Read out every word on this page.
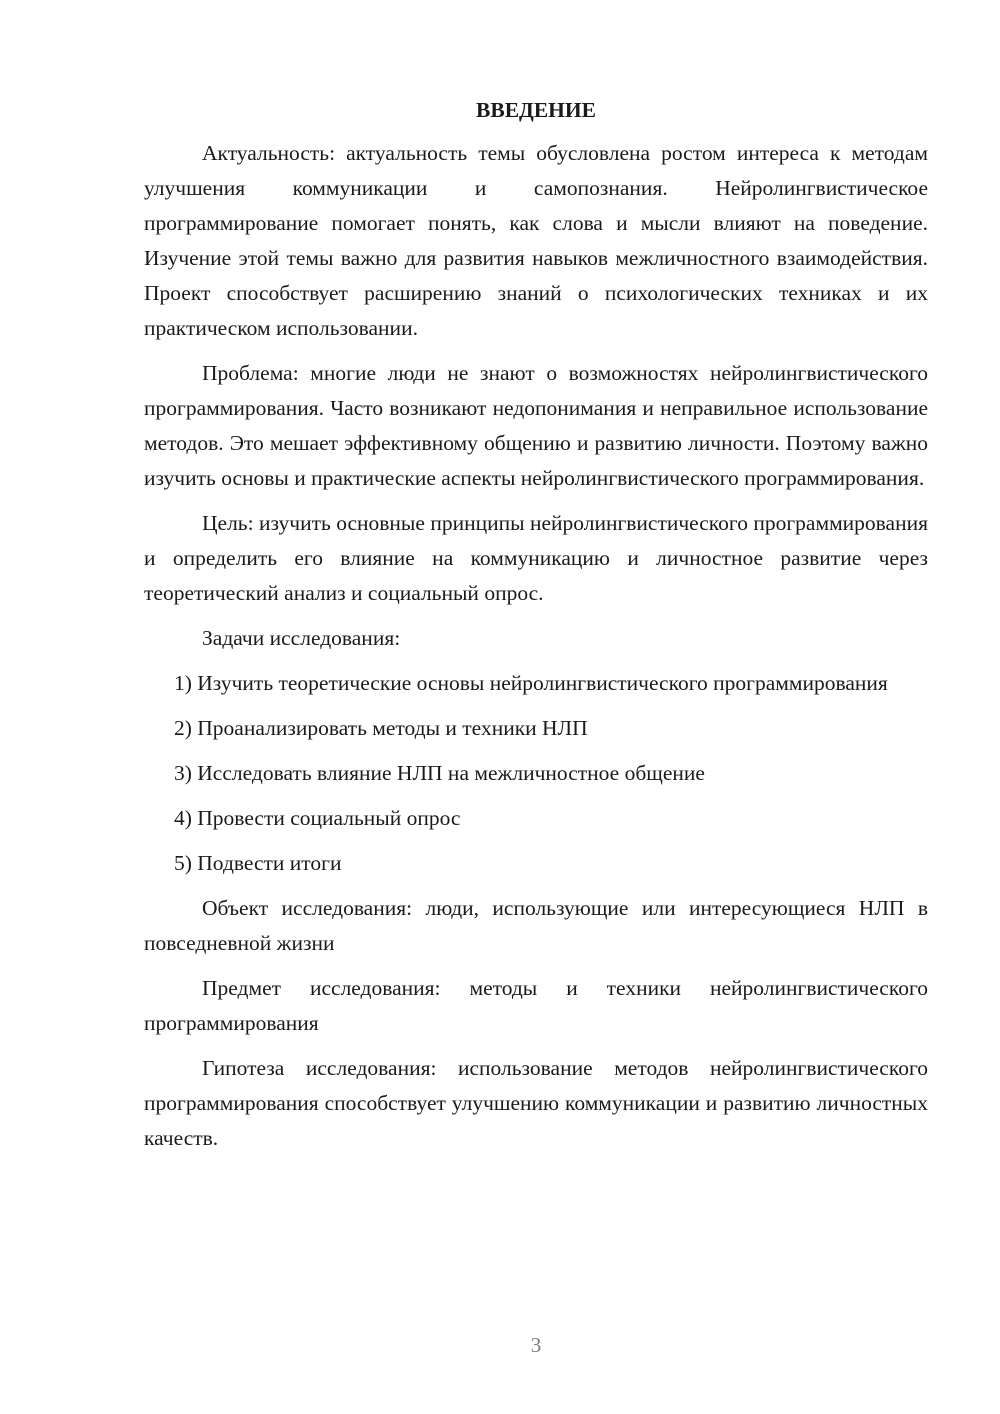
ВВЕДЕНИЕ

Актуальность: актуальность темы обусловлена ростом интереса к методам улучшения коммуникации и самопознания. Нейролингвистическое программирование помогает понять, как слова и мысли влияют на поведение. Изучение этой темы важно для развития навыков межличностного взаимодействия. Проект способствует расширению знаний о психологических техниках и их практическом использовании.

Проблема: многие люди не знают о возможностях нейролингвистического программирования. Часто возникают недопонимания и неправильное использование методов. Это мешает эффективному общению и развитию личности. Поэтому важно изучить основы и практические аспекты нейролингвистического программирования.

Цель: изучить основные принципы нейролингвистического программирования и определить его влияние на коммуникацию и личностное развитие через теоретический анализ и социальный опрос.

Задачи исследования:

1) Изучить теоретические основы нейролингвистического программирования
2) Проанализировать методы и техники НЛП
3) Исследовать влияние НЛП на межличностное общение
4) Провести социальный опрос
5) Подвести итоги

Объект исследования: люди, использующие или интересующиеся НЛП в повседневной жизни

Предмет исследования: методы и техники нейролингвистического программирования

Гипотеза исследования: использование методов нейролингвистического программирования способствует улучшению коммуникации и развитию личностных качеств.

3
